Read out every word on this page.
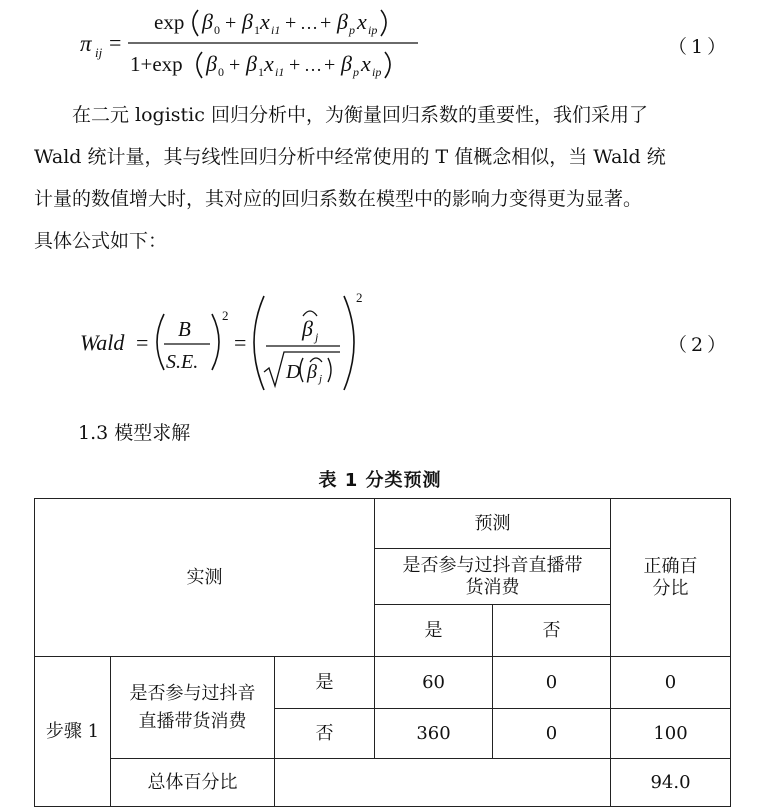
π ij =
exp β 0 + β 1 x i1 + … + β p x ip
1+exp β 0 + β 1 x i1 + … + β p x ip
（1）

在二元 logistic 回归分析中，为衡量回归系数的重要性，我们采用了

Wald 统计量，其与线性回归分析中经常使用的 T 值概念相似，当 Wald 统

计量的数值增大时，其对应的回归系数在模型中的影响力变得更为显著。

具体公式如下：

Wald =
B
S.E.
2
=
β j
D β j
2
（2）
1.3 模型求解
表 1 分类预测
实测			预测		正确百分比

			是否参与过抖音直播带货消费		

			是	否	
步骤 1	是否参与过抖音直播带货消费	是	60	0	0
		否	360	0	100
	总体百分比				94.0
